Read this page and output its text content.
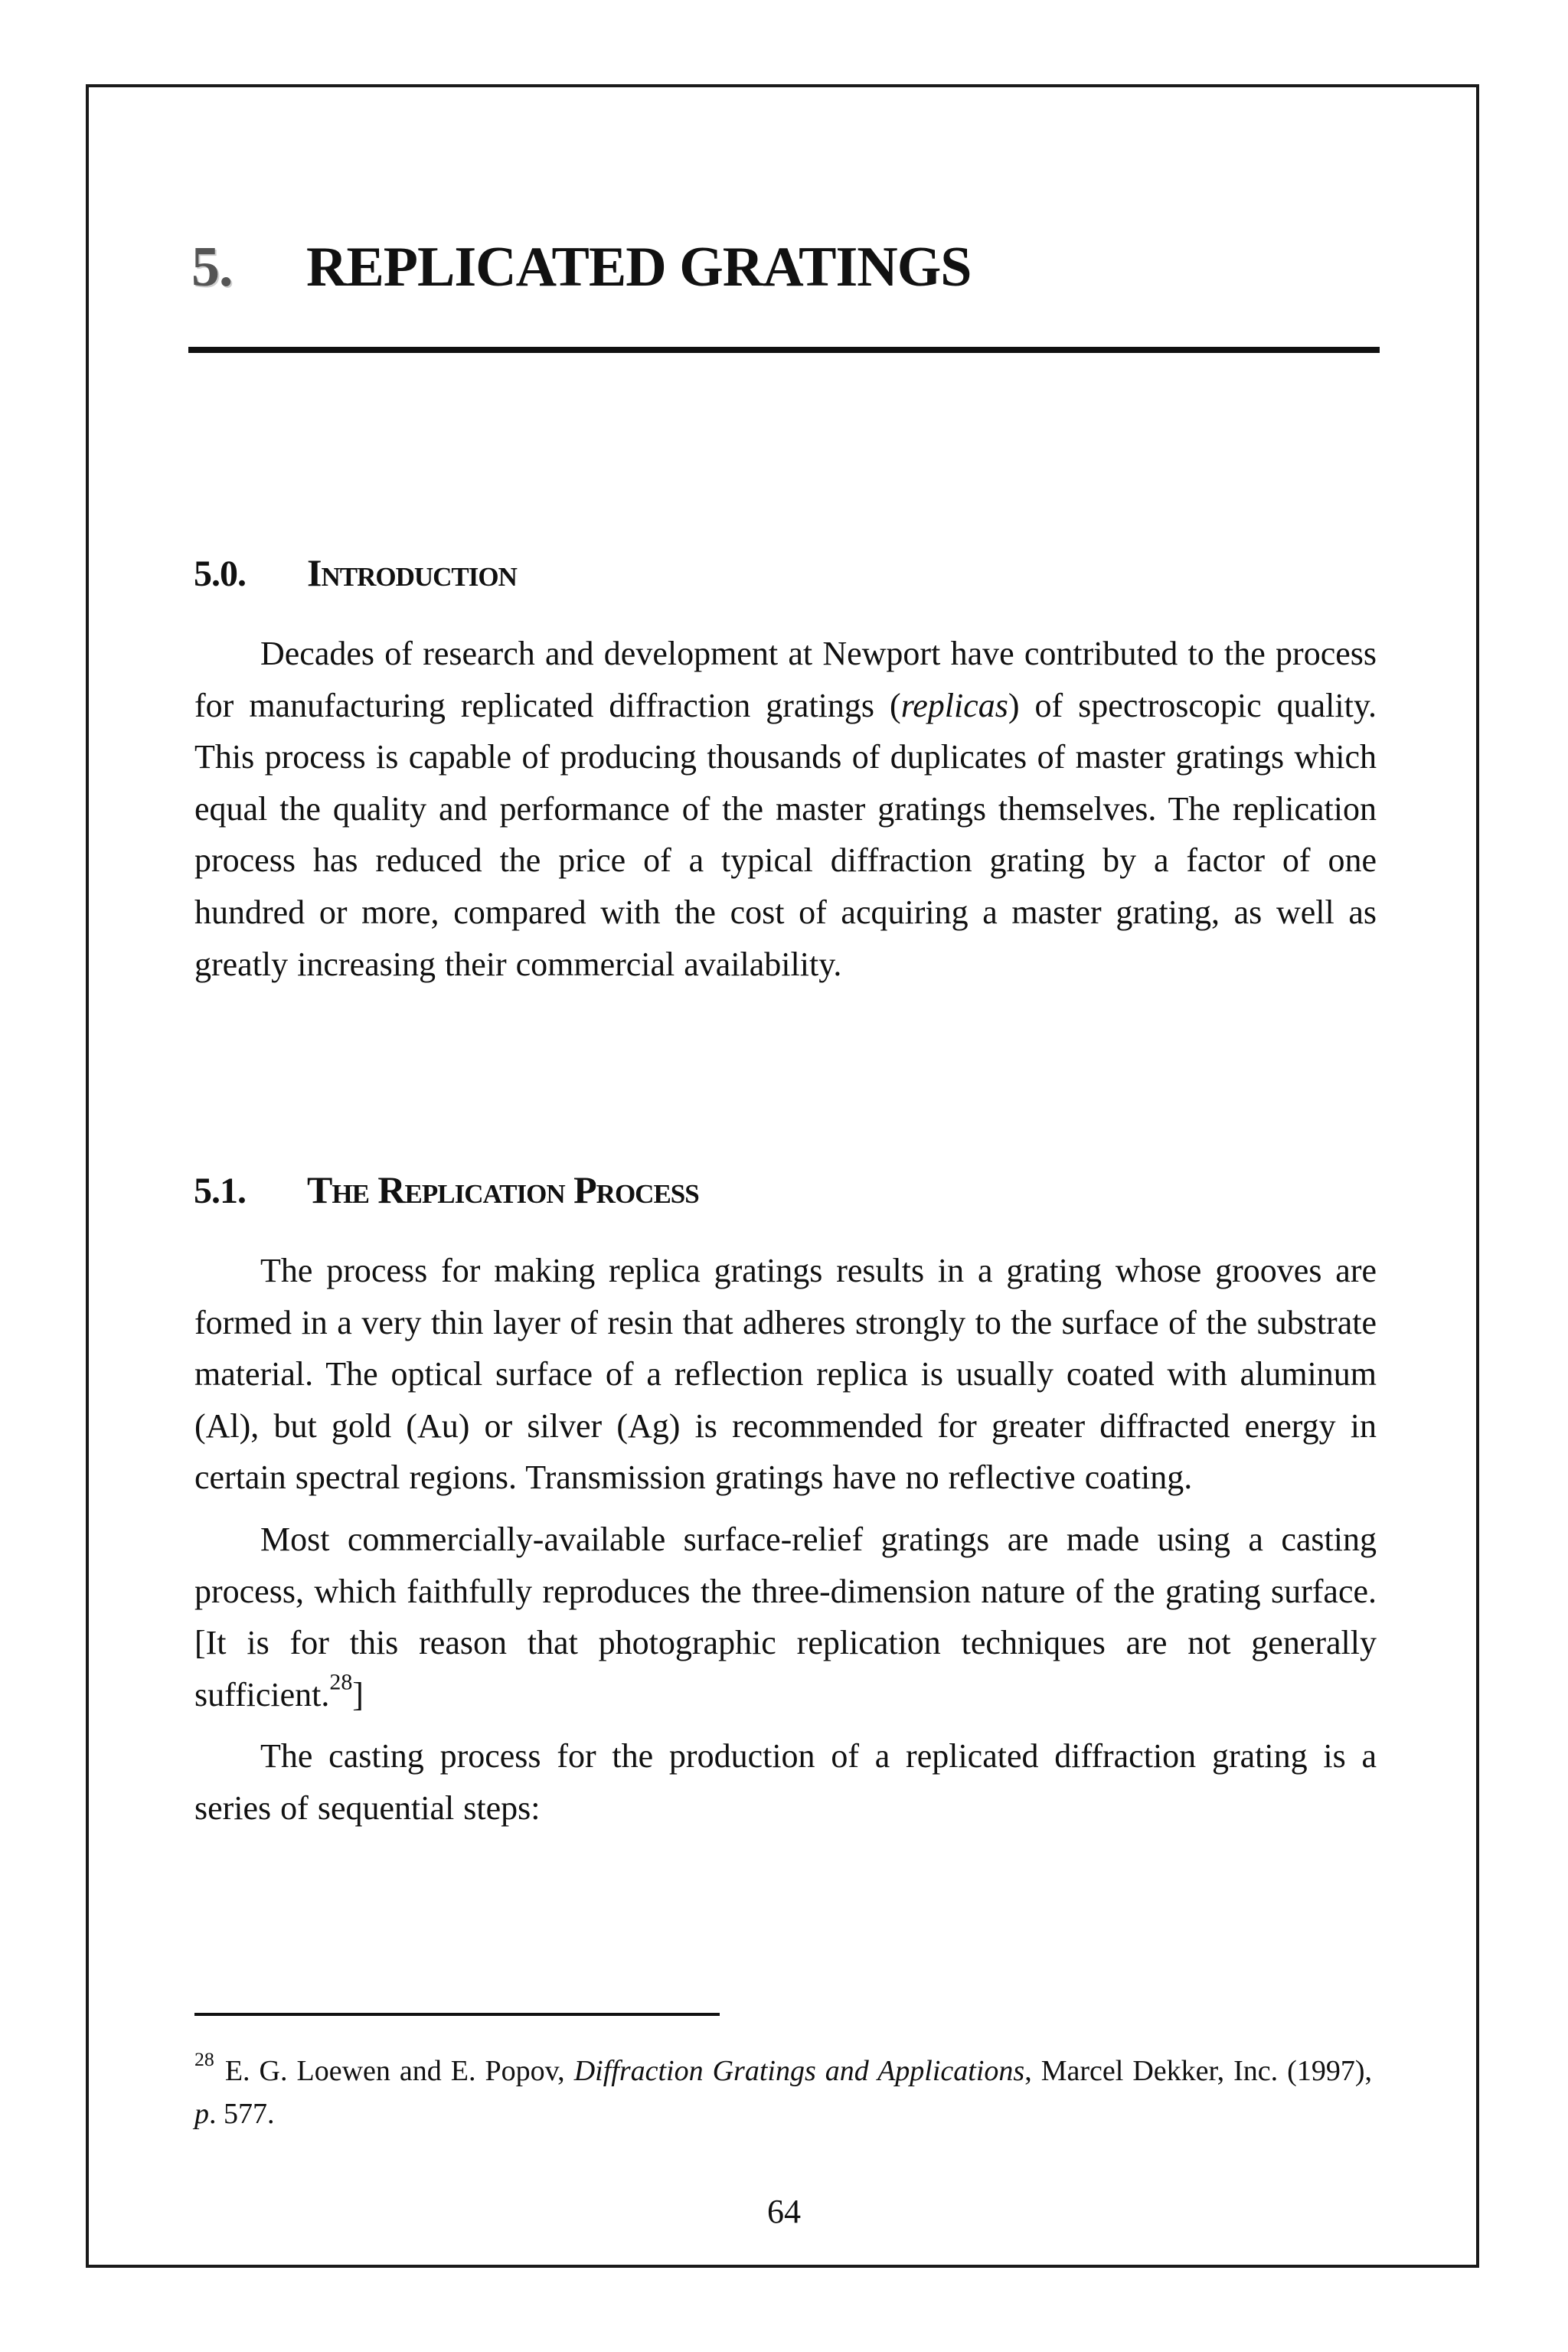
5. REPLICATED GRATINGS
5.0. Introduction

Decades of research and development at Newport have contributed to the process for manufacturing replicated diffraction gratings (replicas) of spectroscopic quality. This process is capable of producing thousands of duplicates of master gratings which equal the quality and performance of the master gratings themselves. The replication process has reduced the price of a typical diffraction grating by a factor of one hundred or more, compared with the cost of acquiring a master grating, as well as greatly increasing their commercial availability.

5.1. The Replication Process

The process for making replica gratings results in a grating whose grooves are formed in a very thin layer of resin that adheres strongly to the surface of the substrate material. The optical surface of a reflection replica is usually coated with aluminum (Al), but gold (Au) or silver (Ag) is recommended for greater diffracted energy in certain spectral regions. Transmission gratings have no reflective coating.

Most commercially-available surface-relief gratings are made using a casting process, which faithfully reproduces the three-dimension nature of the grating surface. [It is for this reason that photographic replication techniques are not generally sufficient.$^{28}$]

The casting process for the production of a replicated diffraction grating is a series of sequential steps:

$^{28}$ E. G. Loewen and E. Popov, Diffraction Gratings and Applications, Marcel Dekker, Inc. (1997), p. 577.
64
